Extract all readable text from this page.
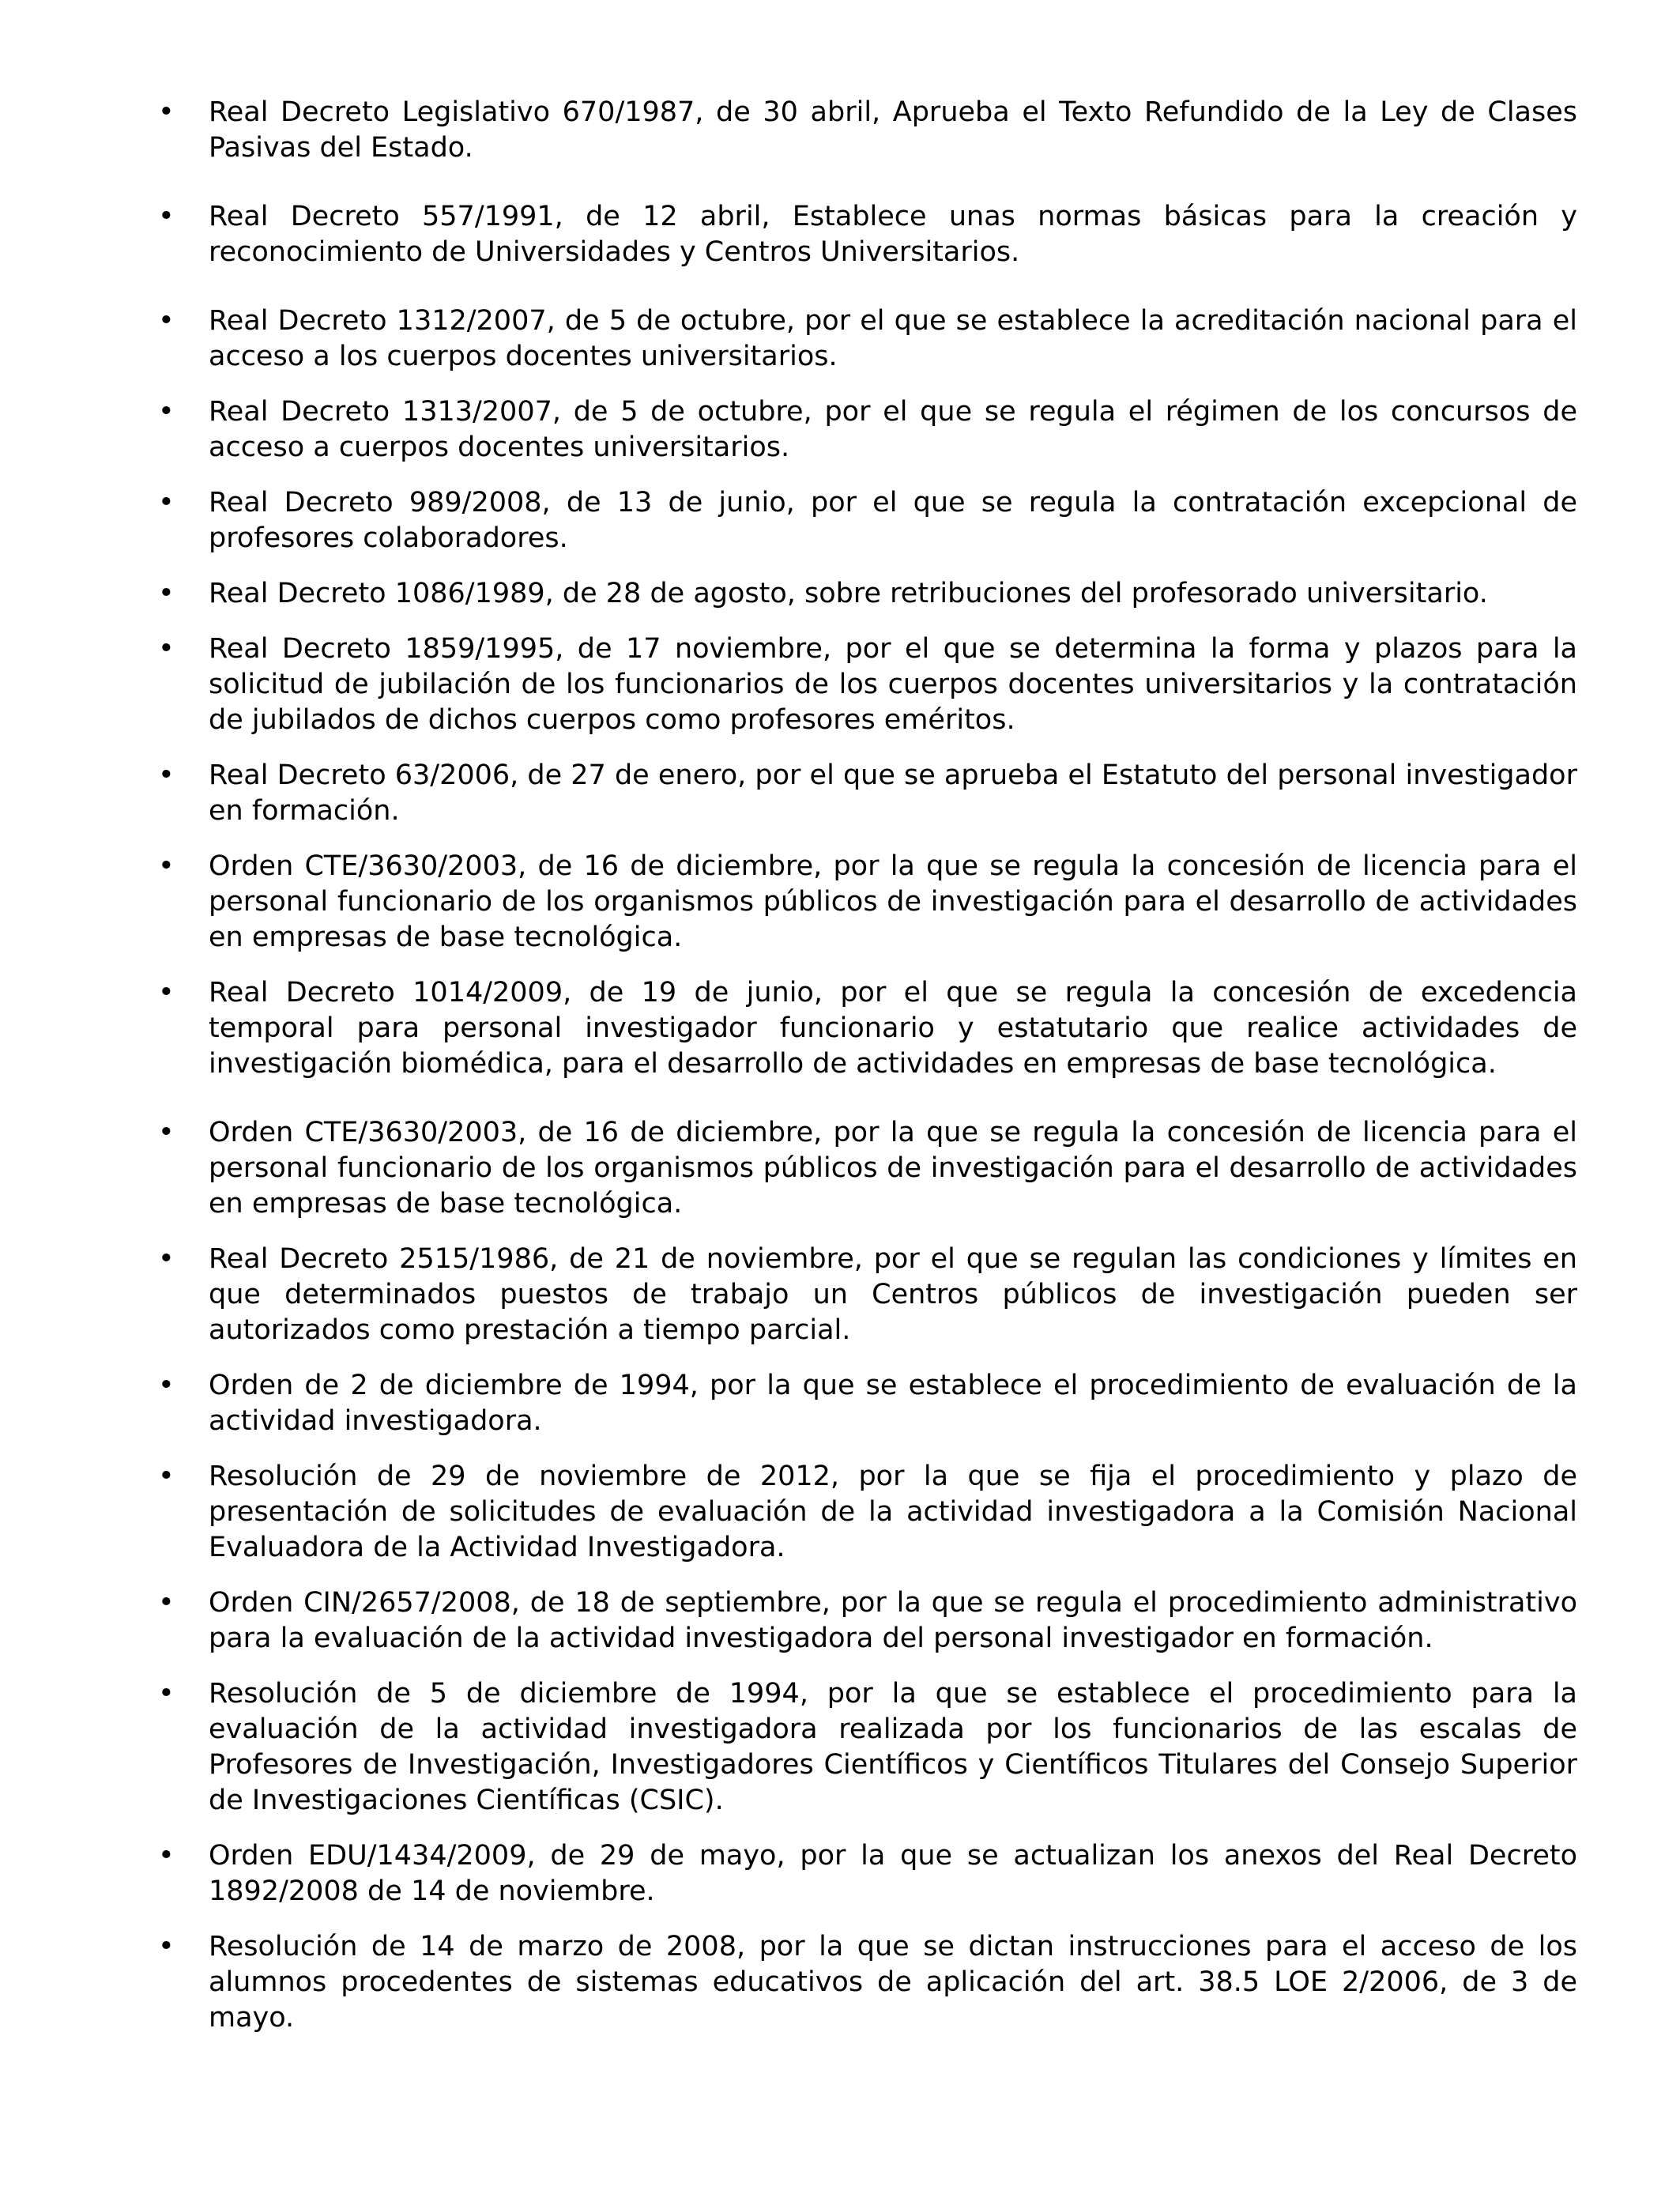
• Real Decreto Legislativo 670/1987, de 30 abril, Aprueba el Texto Refundido de la Ley de Clases Pasivas del Estado.
• Real Decreto 557/1991, de 12 abril, Establece unas normas básicas para la creación y reconocimiento de Universidades y Centros Universitarios.
• Real Decreto 1312/2007, de 5 de octubre, por el que se establece la acreditación nacional para el acceso a los cuerpos docentes universitarios.
• Real Decreto 1313/2007, de 5 de octubre, por el que se regula el régimen de los concursos de acceso a cuerpos docentes universitarios.
• Real Decreto 989/2008, de 13 de junio, por el que se regula la contratación excepcional de profesores colaboradores.
• Real Decreto 1086/1989, de 28 de agosto, sobre retribuciones del profesorado universitario.
• Real Decreto 1859/1995, de 17 noviembre, por el que se determina la forma y plazos para la solicitud de jubilación de los funcionarios de los cuerpos docentes universitarios y la contratación de jubilados de dichos cuerpos como profesores eméritos.
• Real Decreto 63/2006, de 27 de enero, por el que se aprueba el Estatuto del personal investigador en formación.
• Orden CTE/3630/2003, de 16 de diciembre, por la que se regula la concesión de licencia para el personal funcionario de los organismos públicos de investigación para el desarrollo de actividades en empresas de base tecnológica.
• Real Decreto 1014/2009, de 19 de junio, por el que se regula la concesión de excedencia temporal para personal investigador funcionario y estatutario que realice actividades de investigación biomédica, para el desarrollo de actividades en empresas de base tecnológica.
• Orden CTE/3630/2003, de 16 de diciembre, por la que se regula la concesión de licencia para el personal funcionario de los organismos públicos de investigación para el desarrollo de actividades en empresas de base tecnológica.
• Real Decreto 2515/1986, de 21 de noviembre, por el que se regulan las condiciones y límites en que determinados puestos de trabajo un Centros públicos de investigación pueden ser autorizados como prestación a tiempo parcial.
• Orden de 2 de diciembre de 1994, por la que se establece el procedimiento de evaluación de la actividad investigadora.
• Resolución de 29 de noviembre de 2012, por la que se fija el procedimiento y plazo de presentación de solicitudes de evaluación de la actividad investigadora a la Comisión Nacional Evaluadora de la Actividad Investigadora.
• Orden CIN/2657/2008, de 18 de septiembre, por la que se regula el procedimiento administrativo para la evaluación de la actividad investigadora del personal investigador en formación.
• Resolución de 5 de diciembre de 1994, por la que se establece el procedimiento para la evaluación de la actividad investigadora realizada por los funcionarios de las escalas de Profesores de Investigación, Investigadores Científicos y Científicos Titulares del Consejo Superior de Investigaciones Científicas (CSIC).
• Orden EDU/1434/2009, de 29 de mayo, por la que se actualizan los anexos del Real Decreto 1892/2008 de 14 de noviembre.
• Resolución de 14 de marzo de 2008, por la que se dictan instrucciones para el acceso de los alumnos procedentes de sistemas educativos de aplicación del art. 38.5 LOE 2/2006, de 3 de mayo.
